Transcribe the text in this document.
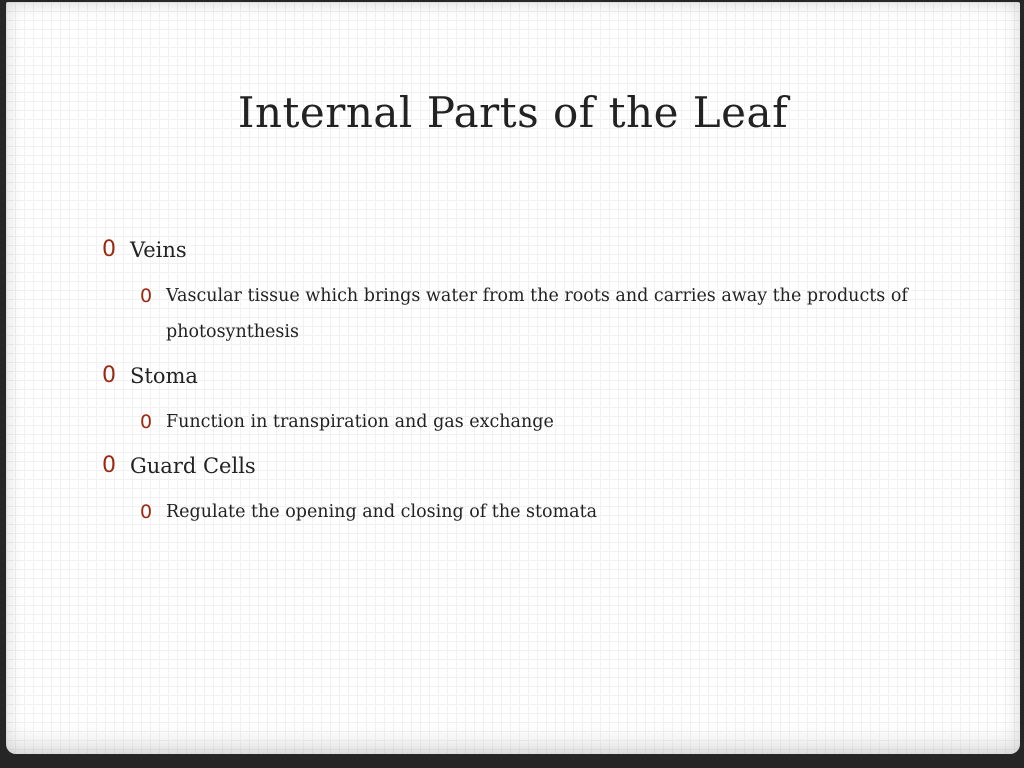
Internal Parts of the Leaf
0 Veins
0 Vascular tissue which brings water from the roots and carries away the products of photosynthesis
0 Stoma
0 Function in transpiration and gas exchange
0 Guard Cells
0 Regulate the opening and closing of the stomata
